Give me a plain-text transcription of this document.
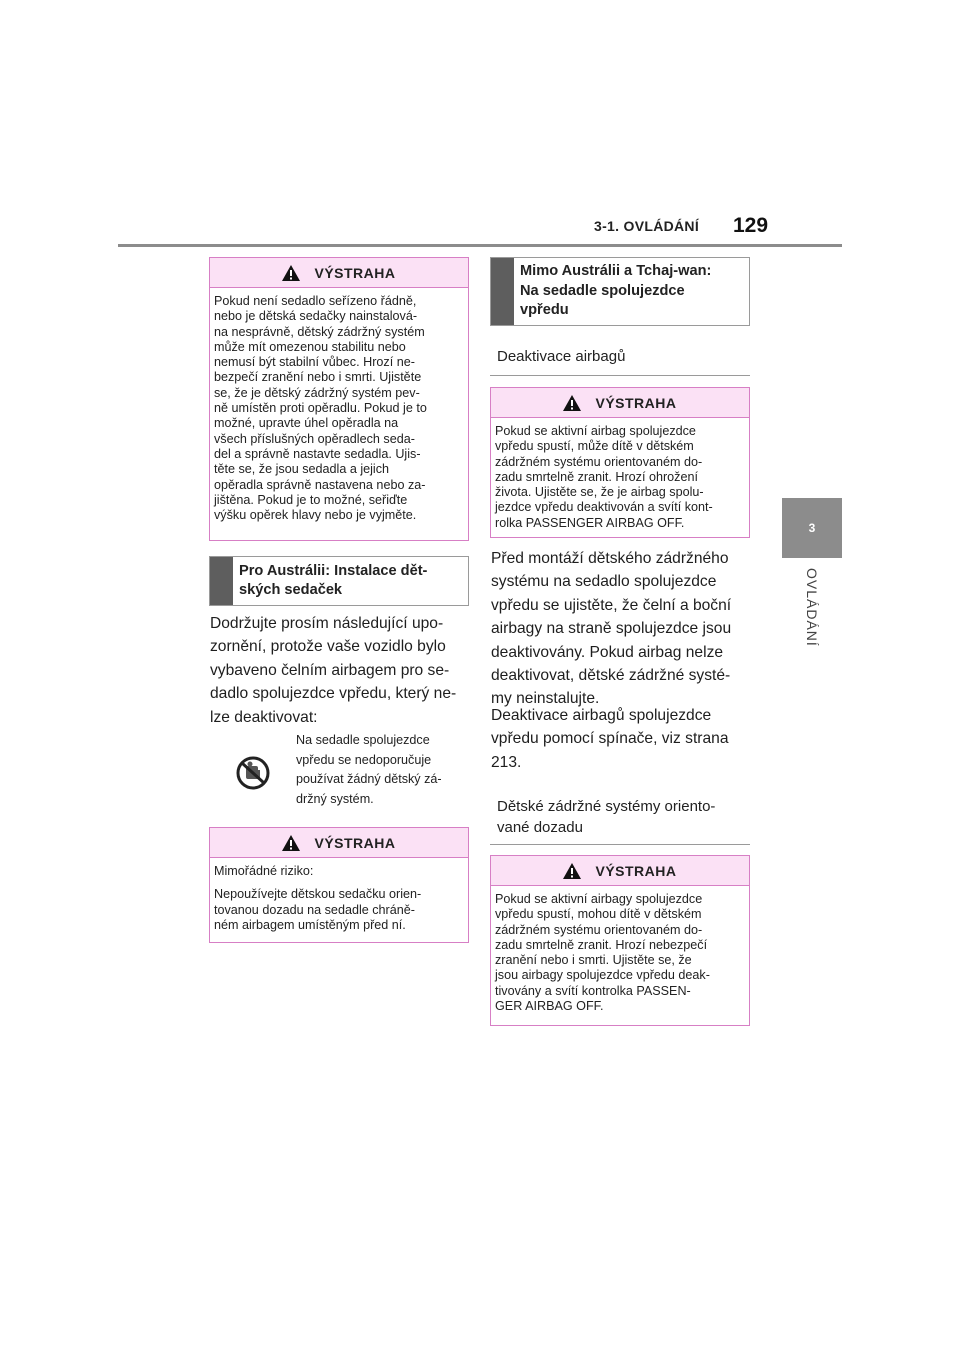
3-1. OVLÁDÁNÍ 129
3
OVLÁDÁNÍ
VÝSTRAHA
Pokud není sedadlo seřízeno řádně,
nebo je dětská sedačky nainstalová-
na nesprávně, dětský zádržný systém
může mít omezenou stabilitu nebo
nemusí být stabilní vůbec. Hrozí ne-
bezpečí zranění nebo i smrti. Ujistěte
se, že je dětský zádržný systém pev-
ně umístěn proti opěradlu. Pokud je to
možné, upravte úhel opěradla na
všech příslušných opěradlech seda-
del a správně nastavte sedadla. Ujis-
těte se, že jsou sedadla a jejich
opěradla správně nastavena nebo za-
jištěna. Pokud je to možné, seřiďte
výšku opěrek hlavy nebo je vyjměte.
Pro Austrálii: Instalace dět-
ských sedaček
Dodržujte prosím následující upo-
zornění, protože vaše vozidlo bylo
vybaveno čelním airbagem pro se-
dadlo spolujezdce vpředu, který ne-
lze deaktivovat:
Na sedadle spolujezdce
vpředu se nedoporučuje
používat žádný dětský zá-
držný systém.
VÝSTRAHA

Mimořádné riziko:

Nepoužívejte dětskou sedačku orien-
tovanou dozadu na sedadle chráně-
ném airbagem umístěným před ní.
Mimo Austrálii a Tchaj-wan:
Na sedadle spolujezdce
vpředu
Deaktivace airbagů
VÝSTRAHA
Pokud se aktivní airbag spolujezdce
vpředu spustí, může dítě v dětském
zádržném systému orientovaném do-
zadu smrtelně zranit. Hrozí ohrožení
života. Ujistěte se, že je airbag spolu-
jezdce vpředu deaktivován a svítí kont-
rolka PASSENGER AIRBAG OFF.
Před montáží dětského zádržného
systému na sedadlo spolujezdce
vpředu se ujistěte, že čelní a boční
airbagy na straně spolujezdce jsou
deaktivovány. Pokud airbag nelze
deaktivovat, dětské zádržné systé-
my neinstalujte.
Deaktivace airbagů spolujezdce
vpředu pomocí spínače, viz strana
213.
Dětské zádržné systémy oriento-
vané dozadu
VÝSTRAHA
Pokud se aktivní airbagy spolujezdce
vpředu spustí, mohou dítě v dětském
zádržném systému orientovaném do-
zadu smrtelně zranit. Hrozí nebezpečí
zranění nebo i smrti. Ujistěte se, že
jsou airbagy spolujezdce vpředu deak-
tivovány a svítí kontrolka PASSEN-
GER AIRBAG OFF.
